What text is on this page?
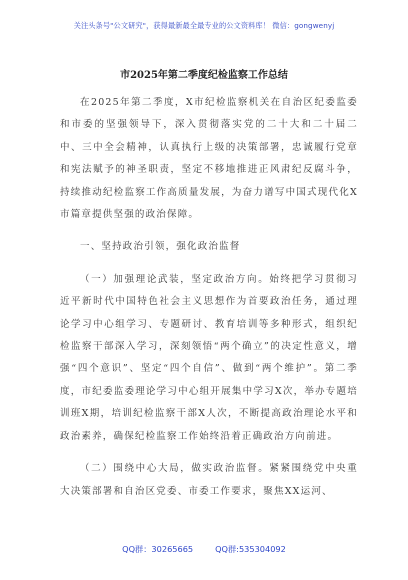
关注头条号"公文研究"，获得最新最全最专业的公文资料库！ 微信：gongwenyj
市2025年第二季度纪检监察工作总结

在2025年第二季度，X市纪检监察机关在自治区纪委监委和市委的坚强领导下，深入贯彻落实党的二十大和二十届二中、三中全会精神，认真执行上级的决策部署，忠诚履行党章和宪法赋予的神圣职责，坚定不移地推进正风肃纪反腐斗争，持续推动纪检监察工作高质量发展，为奋力谱写中国式现代化X市篇章提供坚强的政治保障。

一、坚持政治引领，强化政治监督

（一）加强理论武装，坚定政治方向。始终把学习贯彻习近平新时代中国特色社会主义思想作为首要政治任务，通过理论学习中心组学习、专题研讨、教育培训等多种形式，组织纪检监察干部深入学习，深刻领悟“两个确立”的决定性意义，增强“四个意识”、坚定“四个自信”、做到“两个维护”。第二季度，市纪委监委理论学习中心组开展集中学习X次，举办专题培训班X期，培训纪检监察干部X人次，不断提高政治理论水平和政治素养，确保纪检监察工作始终沿着正确政治方向前进。

（二）围绕中心大局，做实政治监督。紧紧围绕党中央重大决策部署和自治区党委、市委工作要求，聚焦XX运河、

QQ群：30265665	QQ群:535304092
